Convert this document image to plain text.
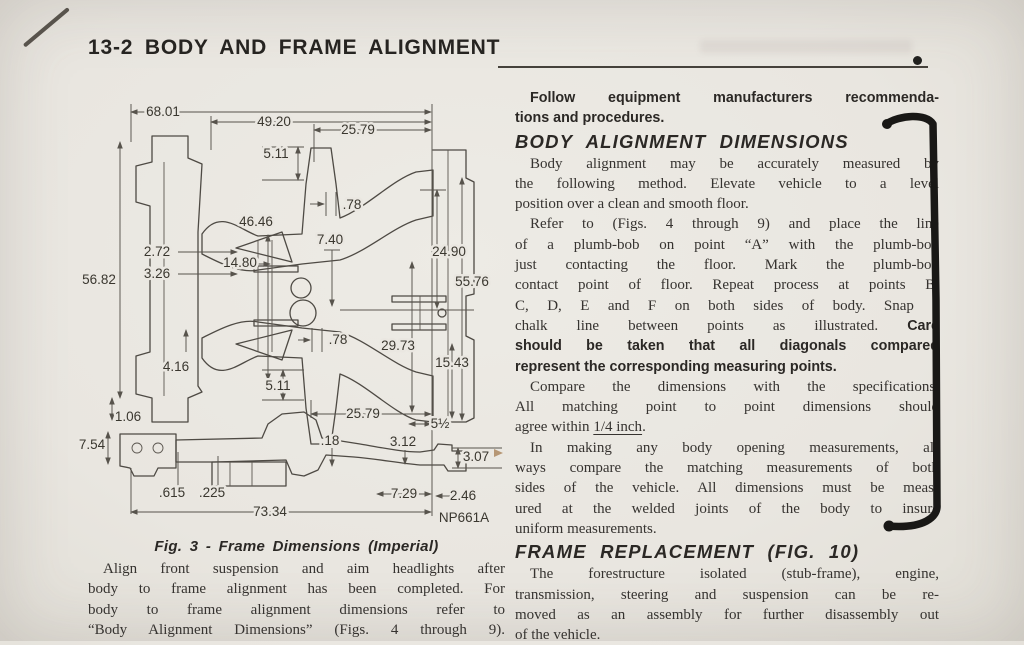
13-2 BODY AND FRAME ALIGNMENT
68.01
49.20
25.79
5.11
.78
46.46
7.40
24.90
2.72
14.80
3.26
56.82	55.76
4.16
.78 29.73
15.43
5.11
1.06	25.79
5½
7.54	.18	3.12
3.07
.615 .225	7.29 2.46
73.34	NP661A
Fig. 3 - Frame Dimensions (Imperial)
Align front suspension and aim headlights after
body to frame alignment has been completed. For
body to frame alignment dimensions refer to
“Body Alignment Dimensions” (Figs. 4 through 9).
Follow equipment manufacturers recommenda-
tions and procedures.
BODY ALIGNMENT DIMENSIONS
Body alignment may be accurately measured by
the following method. Elevate vehicle to a level
position over a clean and smooth floor.
Refer to (Figs. 4 through 9) and place the line
of a plumb-bob on point “A” with the plumb-bob
just contacting the floor. Mark the plumb-bob
contact point of floor. Repeat process at points B,
C, D, E and F on both sides of body. Snap a
chalk line between points as illustrated. Care
should be taken that all diagonals compared
represent the corresponding measuring points.
Compare the dimensions with the specifications.
All matching point to point dimensions should
agree within 1/4 inch.
In making any body opening measurements, al-
ways compare the matching measurements of both
sides of the vehicle. All dimensions must be meas-
ured at the welded joints of the body to insure
uniform measurements.
FRAME REPLACEMENT (FIG. 10)
The forestructure isolated (stub-frame), engine,
transmission, steering and suspension can be re-
moved as an assembly for further disassembly out
of the vehicle.
